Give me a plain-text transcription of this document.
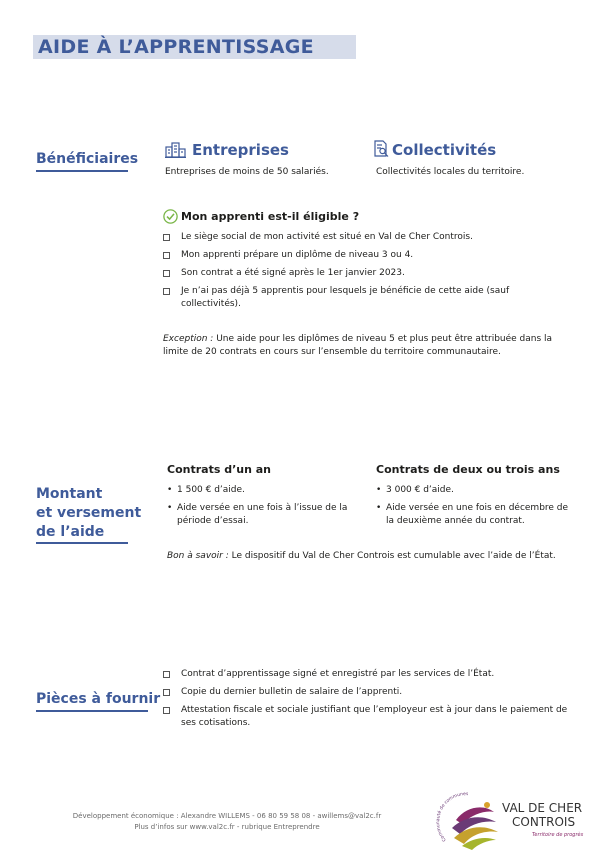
AIDE À L’APPRENTISSAGE
Bénéficiaires	Entreprises
Entreprises de moins de 50 salariés.
Collectivités
Collectivités locales du territoire.
Mon apprenti est-il éligible ?
Le siège social de mon activité est situé en Val de Cher Controis.
Mon apprenti prépare un diplôme de niveau 3 ou 4.
Son contrat a été signé après le 1er janvier 2023.
Je n’ai pas déjà 5 apprentis pour lesquels je bénéficie de cette aide (sauf collectivités).
Exception : Une aide pour les diplômes de niveau 5 et plus peut être attribuée dans la limite de 20 contrats en cours sur l’ensemble du territoire communautaire.
Montant
et versement
de l’aide
Contrats d’un an
• 1 500 € d’aide.
• Aide versée en une fois à l’issue de la période d’essai.
Contrats de deux ou trois ans
• 3 000 € d’aide.
• Aide versée en une fois en décembre de la deuxième année du contrat.
Bon à savoir : Le dispositif du Val de Cher Controis est cumulable avec l’aide de l’État.
Pièces à fournir
Contrat d’apprentissage signé et enregistré par les services de l’État.
Copie du dernier bulletin de salaire de l’apprenti.
Attestation fiscale et sociale justifiant que l’employeur est à jour dans le paiement de ses cotisations.
Développement économique : Alexandre WILLEMS - 06 80 59 58 08 - awillems@val2c.fr
Plus d’infos sur www.val2c.fr - rubrique Entreprendre
Communauté de communes
VAL DE CHER
CONTROIS
Territoire de progrès
